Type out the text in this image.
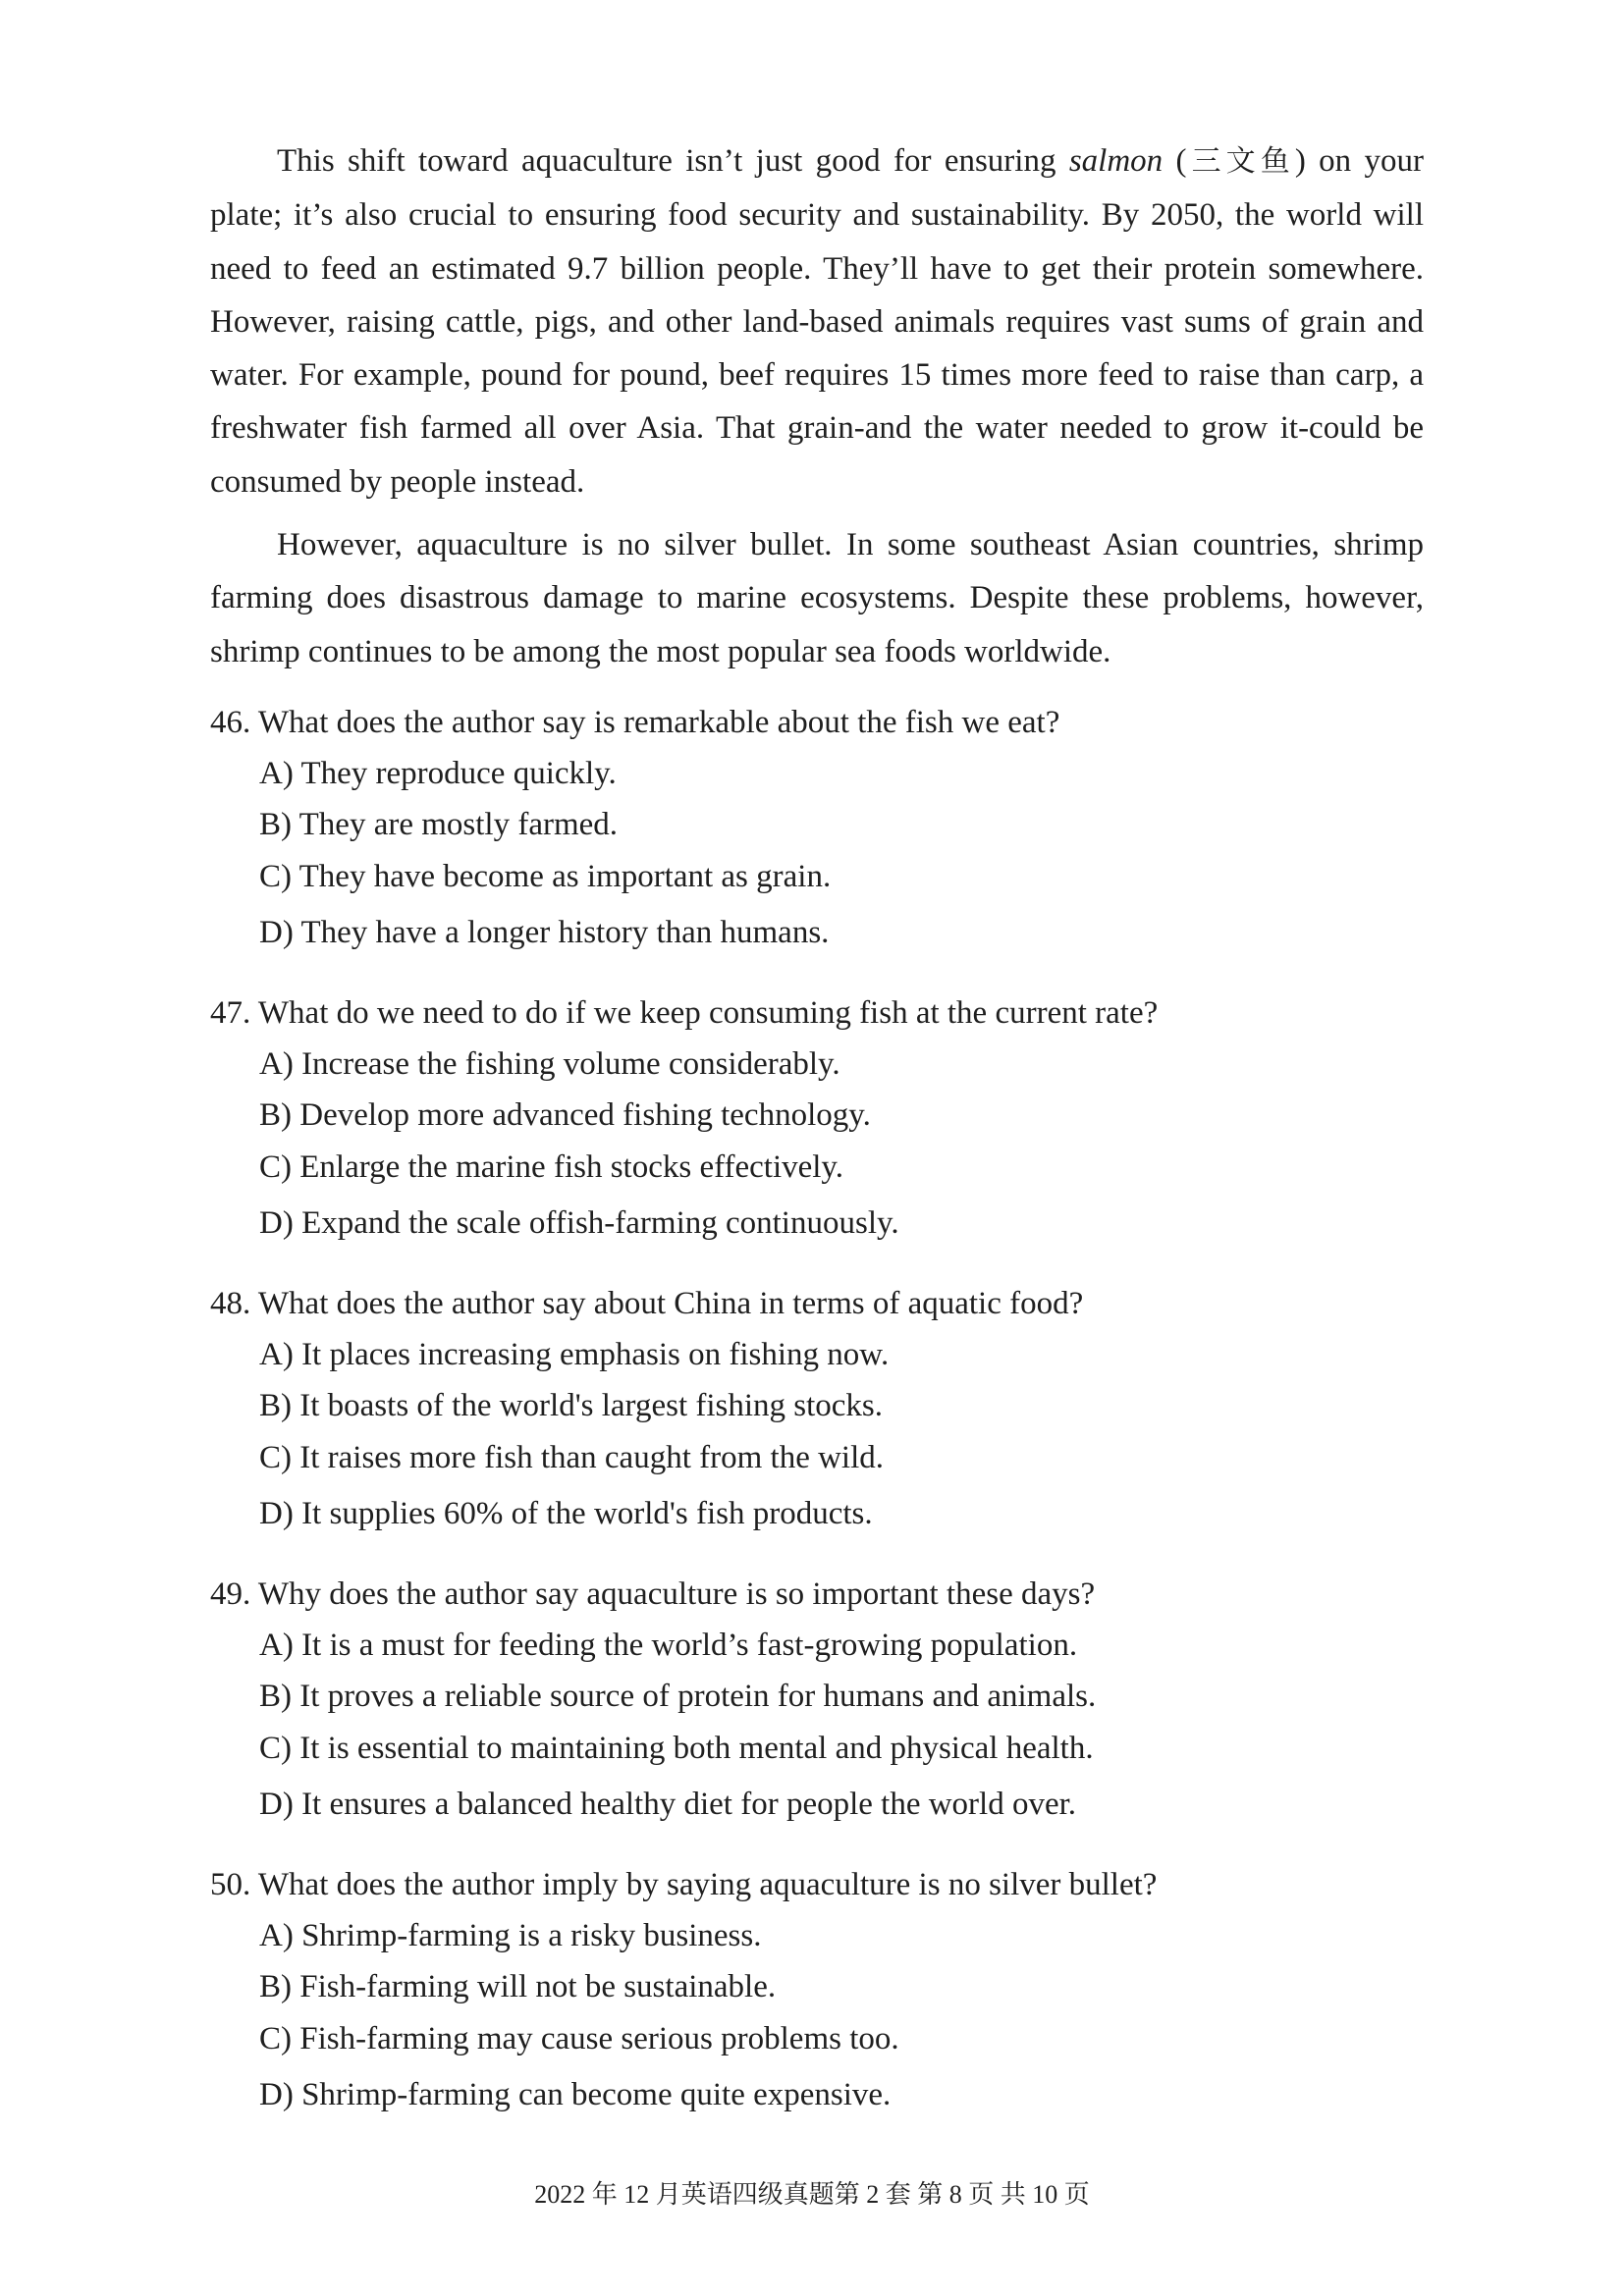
This shift toward aquaculture isn’t just good for ensuring salmon (三文鱼) on your plate; it’s also crucial to ensuring food security and sustainability. By 2050, the world will need to feed an estimated 9.7 billion people. They’ll have to get their protein somewhere. However, raising cattle, pigs, and other land-based animals requires vast sums of grain and water. For example, pound for pound, beef requires 15 times more feed to raise than carp, a freshwater fish farmed all over Asia. That grain-and the water needed to grow it-could be consumed by people instead.

However, aquaculture is no silver bullet. In some southeast Asian countries, shrimp farming does disastrous damage to marine ecosystems. Despite these problems, however, shrimp continues to be among the most popular sea foods worldwide.

46. What does the author say is remarkable about the fish we eat?
A) They reproduce quickly.
B) They are mostly farmed.
C) They have become as important as grain.
D) They have a longer history than humans.
47. What do we need to do if we keep consuming fish at the current rate?
A) Increase the fishing volume considerably.
B) Develop more advanced fishing technology.
C) Enlarge the marine fish stocks effectively.
D) Expand the scale offish-farming continuously.
48. What does the author say about China in terms of aquatic food?
A) It places increasing emphasis on fishing now.
B) It boasts of the world's largest fishing stocks.
C) It raises more fish than caught from the wild.
D) It supplies 60% of the world's fish products.
49. Why does the author say aquaculture is so important these days?
A) It is a must for feeding the world’s fast-growing population.
B) It proves a reliable source of protein for humans and animals.
C) It is essential to maintaining both mental and physical health.
D) It ensures a balanced healthy diet for people the world over.
50. What does the author imply by saying aquaculture is no silver bullet?
A) Shrimp-farming is a risky business.
B) Fish-farming will not be sustainable.
C) Fish-farming may cause serious problems too.
D) Shrimp-farming can become quite expensive.
2022 年 12 月英语四级真题第 2 套 第 8 页 共 10 页
